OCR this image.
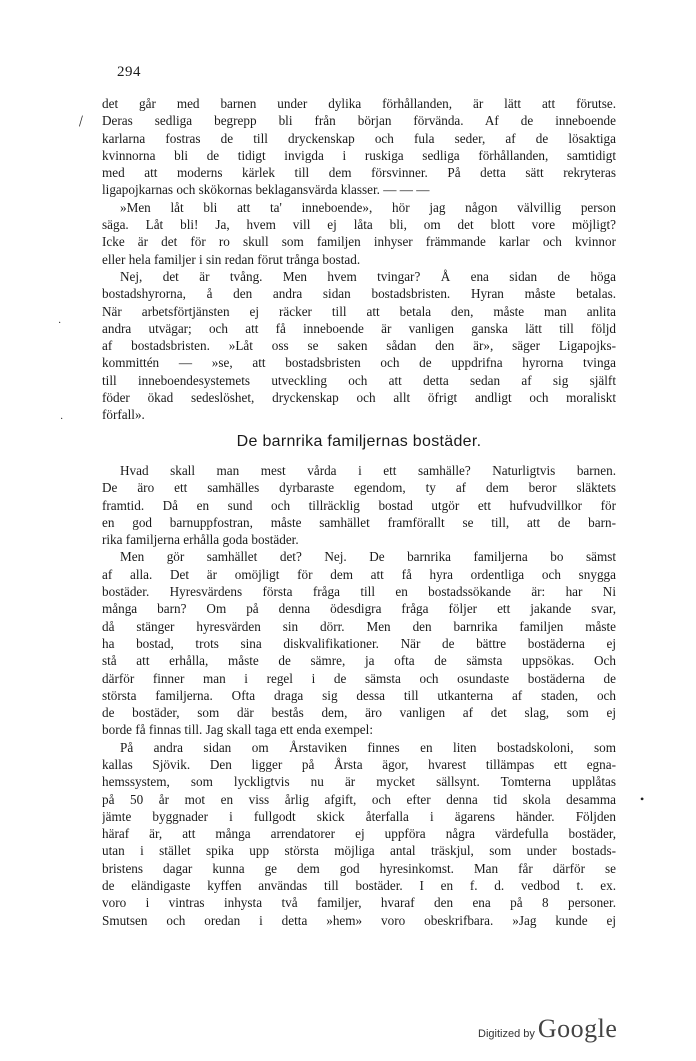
294
\
·
·
•
det går med barnen under dylika förhållanden, är lätt att förutse.
Deras sedliga begrepp bli från början förvända. Af de inneboende
karlarna fostras de till dryckenskap och fula seder, af de lösaktiga
kvinnorna bli de tidigt invigda i ruskiga sedliga förhållanden, samtidigt
med att moderns kärlek till dem försvinner. På detta sätt rekryteras
ligapojkarnas och skökornas beklagansvärda klasser. — — —
»Men låt bli att ta' inneboende», hör jag någon välvillig person
säga. Låt bli! Ja, hvem vill ej låta bli, om det blott vore möjligt?
Icke är det för ro skull som familjen inhyser främmande karlar och kvinnor
eller hela familjer i sin redan förut trånga bostad.
Nej, det är tvång. Men hvem tvingar? Å ena sidan de höga
bostadshyrorna, å den andra sidan bostadsbristen. Hyran måste betalas.
När arbetsförtjänsten ej räcker till att betala den, måste man anlita
andra utvägar; och att få inneboende är vanligen ganska lätt till följd
af bostadsbristen. »Låt oss se saken sådan den är», säger Ligapojks-
kommittén — »se, att bostadsbristen och de uppdrifna hyrorna tvinga
till inneboendesystemets utveckling och att detta sedan af sig själft
föder ökad sedeslöshet, dryckenskap och allt öfrigt andligt och moraliskt
förfall».
De barnrika familjernas bostäder.
Hvad skall man mest vårda i ett samhälle? Naturligtvis barnen.
De äro ett samhälles dyrbaraste egendom, ty af dem beror släktets
framtid. Då en sund och tillräcklig bostad utgör ett hufvudvillkor för
en god barnuppfostran, måste samhället framförallt se till, att de barn-
rika familjerna erhålla goda bostäder.
Men gör samhället det? Nej. De barnrika familjerna bo sämst
af alla. Det är omöjligt för dem att få hyra ordentliga och snygga
bostäder. Hyresvärdens första fråga till en bostadssökande är: har Ni
många barn? Om på denna ödesdigra fråga följer ett jakande svar,
då stänger hyresvärden sin dörr. Men den barnrika familjen måste
ha bostad, trots sina diskvalifikationer. När de bättre bostäderna ej
stå att erhålla, måste de sämre, ja ofta de sämsta uppsökas. Och
därför finner man i regel i de sämsta och osundaste bostäderna de
största familjerna. Ofta draga sig dessa till utkanterna af staden, och
de bostäder, som där bestås dem, äro vanligen af det slag, som ej
borde få finnas till. Jag skall taga ett enda exempel:
På andra sidan om Årstaviken finnes en liten bostadskoloni, som
kallas Sjövik. Den ligger på Årsta ägor, hvarest tillämpas ett egna-
hemssystem, som lyckligtvis nu är mycket sällsynt. Tomterna upplåtas
på 50 år mot en viss årlig afgift, och efter denna tid skola desamma
jämte byggnader i fullgodt skick återfalla i ägarens händer. Följden
häraf är, att många arrendatorer ej uppföra några värdefulla bostäder,
utan i stället spika upp största möjliga antal träskjul, som under bostads-
bristens dagar kunna ge dem god hyresinkomst. Man får därför se
de eländigaste kyffen användas till bostäder. I en f. d. vedbod t. ex.
voro i vintras inhysta två familjer, hvaraf den ena på 8 personer.
Smutsen och oredan i detta »hem» voro obeskrifbara. »Jag kunde ej
Digitized by Google
